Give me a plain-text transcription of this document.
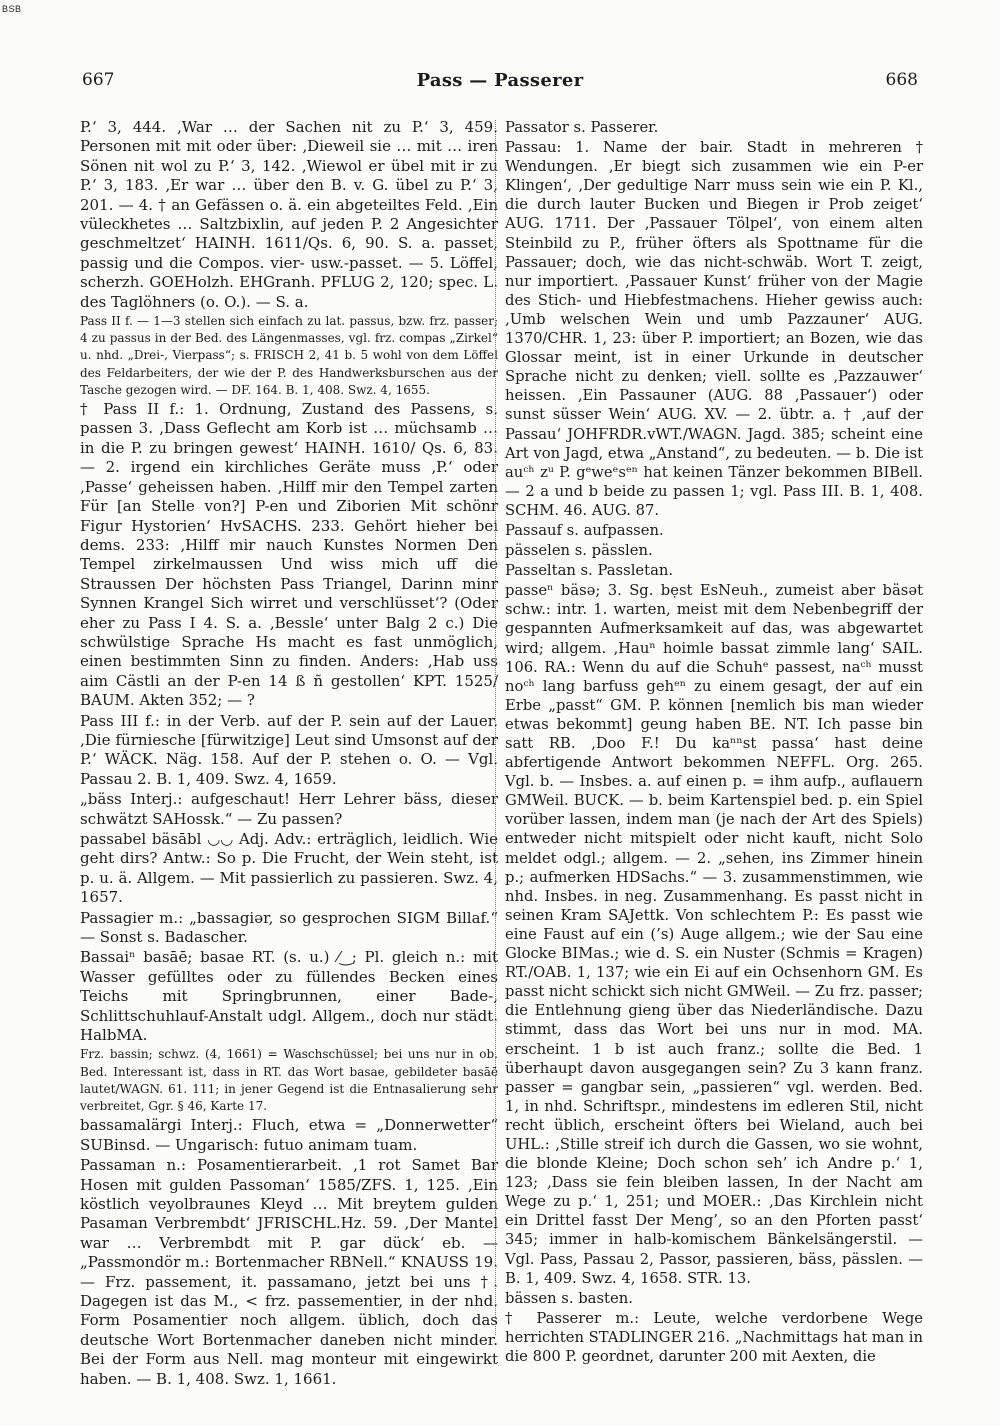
BSB
667	Pass — Passerer	668

P.‘ 3, 444. ‚War … der Sachen nit zu P.‘ 3, 459. Personen mit mit oder über: ‚Dieweil sie … mit … iren Sönen nit wol zu P.‘ 3, 142. ‚Wiewol er übel mit ir zu P.‘ 3, 183. ‚Er war … über den B. v. G. übel zu P.‘ 3, 201. — 4. † an Gefässen o. ä. ein abgeteiltes Feld. ‚Ein vüleckhetes … Saltzbixlin, auf jeden P. 2 Angesichter geschmeltzet‘ HAINH. 1611/Qs. 6, 90. S. a. passet, passig und die Compos. vier- usw.-passet. — 5. Löffel, scherzh. GOEHolzh. EHGranh. PFLUG 2, 120; spec. L. des Taglöhners (o. O.). — S. a.

Pass II f. — 1—3 stellen sich einfach zu lat. passus, bzw. frz. passer; 4 zu passus in der Bed. des Längenmasses, vgl. frz. compas „Zirkel“ u. nhd. „Drei-, Vierpass“; s. FRISCH 2, 41 b. 5 wohl von dem Löffel des Feldarbeiters, der wie der P. des Handwerksburschen aus der Tasche gezogen wird. — DF. 164. B. 1, 408. Swz. 4, 1655.

† Pass II f.: 1. Ordnung, Zustand des Passens, s. passen 3. ‚Dass Geflecht am Korb ist … müchsamb … in die P. zu bringen gewest‘ HAINH. 1610/ Qs. 6, 83. — 2. irgend ein kirchliches Geräte muss ‚P.‘ oder ‚Passe‘ geheissen haben. ‚Hilff mir den Tempel zarten Für [an Stelle von?] P-en und Ziborien Mit schönr Figur Hystorien‘ HvSACHS. 233. Gehört hieher bei dems. 233: ‚Hilff mir nauch Kunstes Normen Den Tempel zirkelmaussen Und wiss mich uff die Straussen Der höchsten Pass Triangel, Darinn minr Synnen Krangel Sich wirret und verschlüsset‘? (Oder eher zu Pass I 4. S. a. ‚Bessle‘ unter Balg 2 c.) Die schwülstige Sprache Hs macht es fast unmöglich, einen bestimmten Sinn zu finden. Anders: ‚Hab uss aim Cästli an der P-en 14 ß ñ gestollen‘ KPT. 1525/ BAUM. Akten 352; — ?

Pass III f.: in der Verb. auf der P. sein auf der Lauer. ‚Die fürniesche [fürwitzige] Leut sind Umsonst auf der P.‘ WÄCK. Näg. 158. Auf der P. stehen o. O. — Vgl. Passau 2. B. 1, 409. Swz. 4, 1659.

„bäss Interj.: aufgeschaut! Herr Lehrer bäss, dieser schwätzt SAHossk.“ — Zu passen?

passabel bäsābl ◡◡ Adj. Adv.: erträglich, leidlich. Wie geht dirs? Antw.: So p. Die Frucht, der Wein steht, ist p. u. ä. Allgem. — Mit passierlich zu passieren. Swz. 4, 1657.

Passagier m.: „bassagiər, so gesprochen SIGM Billaf.“ — Sonst s. Badascher.

Bassaiⁿ basāē; basae RT. (s. u.) ⁄‿; Pl. gleich n.: mit Wasser gefülltes oder zu füllendes Becken eines Teichs mit Springbrunnen, einer Bade-, Schlittschuhlauf-Anstalt udgl. Allgem., doch nur städt. HalbMA.

Frz. bassin; schwz. (4, 1661) = Waschschüssel; bei uns nur in ob. Bed. Interessant ist, dass in RT. das Wort basae, gebildeter basāē lautet/WAGN. 61. 111; in jener Gegend ist die Entnasalierung sehr verbreitet, Ggr. § 46, Karte 17.

bassamalärgi Interj.: Fluch, etwa = „Donnerwetter“ SUBinsd. — Ungarisch: futuo animam tuam.

Passaman n.: Posamentierarbeit. ‚1 rot Samet Bar Hosen mit gulden Passoman‘ 1585/ZFS. 1, 125. ‚Ein köstlich veyolbraunes Kleyd … Mit breytem gulden Pasaman Verbrembdt‘ JFRISCHL.Hz. 59. ‚Der Mantel war … Verbrembdt mit P. gar dück‘ eb. — „Passmondör m.: Bortenmacher RBNell.“ KNAUSS 19. — Frz. passement, it. passamano, jetzt bei uns †. Dagegen ist das M., < frz. passementier, in der nhd. Form Posamentier noch allgem. üblich, doch das deutsche Wort Bortenmacher daneben nicht minder. Bei der Form aus Nell. mag monteur mit eingewirkt haben. — B. 1, 408. Swz. 1, 1661.

Passator s. Passerer.

Passau: 1. Name der bair. Stadt in mehreren † Wendungen. ‚Er biegt sich zusammen wie ein P-er Klingen‘, ‚Der gedultige Narr muss sein wie ein P. Kl., die durch lauter Bucken und Biegen ir Prob zeiget‘ AUG. 1711. Der ‚Passauer Tölpel‘, von einem alten Steinbild zu P., früher öfters als Spottname für die Passauer; doch, wie das nicht-schwäb. Wort T. zeigt, nur importiert. ‚Passauer Kunst‘ früher von der Magie des Stich- und Hiebfestmachens. Hieher gewiss auch: ‚Umb welschen Wein und umb Pazzauner‘ AUG. 1370/CHR. 1, 23: über P. importiert; an Bozen, wie das Glossar meint, ist in einer Urkunde in deutscher Sprache nicht zu denken; viell. sollte es ‚Pazzauwer‘ heissen. ‚Ein Passauner (AUG. 88 ‚Passauer‘) oder sunst süsser Wein‘ AUG. XV. — 2. übtr. a. † ‚auf der Passau‘ JOHFRDR.vWT./WAGN. Jagd. 385; scheint eine Art von Jagd, etwa „Anstand“, zu bedeuten. — b. Die ist auᶜʰ zᵘ P. gᵉweᵉsᵉⁿ hat keinen Tänzer bekommen BIBell. — 2 a und b beide zu passen 1; vgl. Pass III. B. 1, 408. SCHM. 46. AUG. 87.

Passauf s. aufpassen.

pässelen s. pässlen.

Passeltan s. Passletan.

passeⁿ bäsə; 3. Sg. bẹst EsNeuh., zumeist aber bäsət schw.: intr. 1. warten, meist mit dem Nebenbegriff der gespannten Aufmerksamkeit auf das, was abgewartet wird; allgem. ‚Hauⁿ hoimle bassat zimmle lang‘ SAIL. 106. RA.: Wenn du auf die Schuhᵉ passest, naᶜʰ musst noᶜʰ lang barfuss gehᵉⁿ zu einem gesagt, der auf ein Erbe „passt“ GM. P. können [nemlich bis man wieder etwas bekommt] geung haben BE. NT. Ich passe bin satt RB. ‚Doo F.! Du kaⁿⁿst passa‘ hast deine abfertigende Antwort bekommen NEFFL. Org. 265. Vgl. b. — Insbes. a. auf einen p. = ihm aufp., auflauern GMWeil. BUCK. — b. beim Kartenspiel bed. p. ein Spiel vorüber lassen, indem man (je nach der Art des Spiels) entweder nicht mitspielt oder nicht kauft, nicht Solo meldet odgl.; allgem. — 2. „sehen, ins Zimmer hinein p.; aufmerken HDSachs.“ — 3. zusammenstimmen, wie nhd. Insbes. in neg. Zusammenhang. Es passt nicht in seinen Kram SAJettk. Von schlechtem P.: Es passt wie eine Faust auf ein (’s) Auge allgem.; wie der Sau eine Glocke BIMas.; wie d. S. ein Nuster (Schmis = Kragen) RT./OAB. 1, 137; wie ein Ei auf ein Ochsenhorn GM. Es passt nicht schickt sich nicht GMWeil. — Zu frz. passer; die Entlehnung gieng über das Niederländische. Dazu stimmt, dass das Wort bei uns nur in mod. MA. erscheint. 1 b ist auch franz.; sollte die Bed. 1 überhaupt davon ausgegangen sein? Zu 3 kann franz. passer = gangbar sein, „passieren“ vgl. werden. Bed. 1, in nhd. Schriftspr., mindestens im edleren Stil, nicht recht üblich, erscheint öfters bei Wieland, auch bei UHL.: ‚Stille streif ich durch die Gassen, wo sie wohnt, die blonde Kleine; Doch schon seh’ ich Andre p.‘ 1, 123; ‚Dass sie fein bleiben lassen, In der Nacht am Wege zu p.‘ 1, 251; und MOER.: ‚Das Kirchlein nicht ein Drittel fasst Der Meng’, so an den Pforten passt‘ 345; immer in halb-komischem Bänkelsängerstil. — Vgl. Pass, Passau 2, Passor, passieren, bäss, pässlen. — B. 1, 409. Swz. 4, 1658. STR. 13.

bässen s. basten.

† Passerer m.: Leute, welche verdorbene Wege herrichten STADLINGER 216. „Nachmittags hat man in die 800 P. geordnet, darunter 200 mit Aexten, die
